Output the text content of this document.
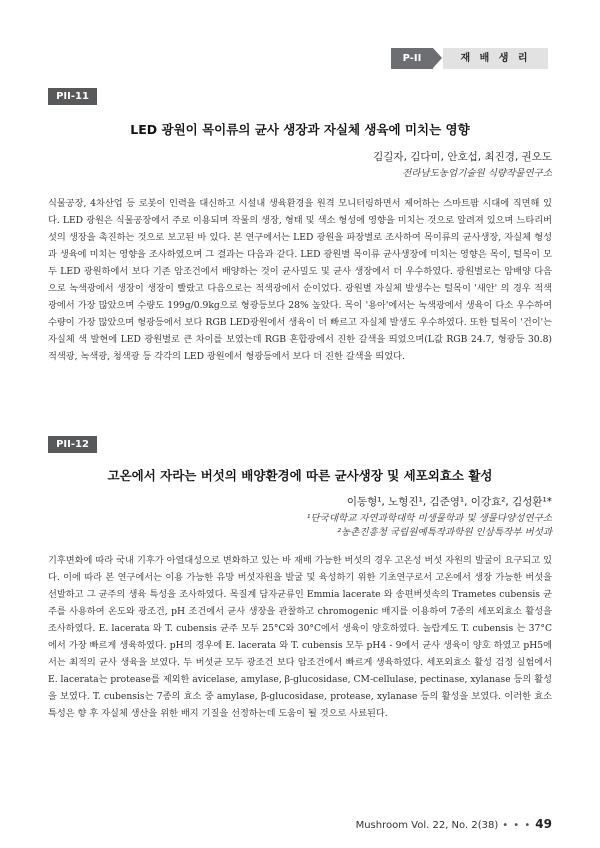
P-II	재 배 생 리
PII-11
LED 광원이 목이류의 균사 생장과 자실체 생육에 미치는 영향
김길자, 김다미, 안호섭, 최진경, 권오도
전라남도농업기술원 식량작물연구소

식물공장, 4차산업 등 로봇이 인력을 대신하고 시설내 생육환경을 원격 모니터링하면서 제어하는 스마트팜 시대에 직면해 있다. LED 광원은 식물공장에서 주로 이용되며 작물의 생장, 형태 및 색소 형성에 영향을 미치는 것으로 알려져 있으며 느타리버섯의 생장을 촉진하는 것으로 보고된 바 있다. 본 연구에서는 LED 광원을 파장별로 조사하여 목이류의 균사생장, 자실체 형성과 생육에 미치는 영향을 조사하였으며 그 결과는 다음과 같다. LED 광원별 목이류 균사생장에 미치는 영향은 목이, 털목이 모두 LED 광원하에서 보다 기존 암조건에서 배양하는 것이 균사밀도 및 균사 생장에서 더 우수하였다. 광원별로는 암배양 다음으로 녹색광에서 생장이 생장이 빨랐고 다음으로는 적색광에서 순이었다. 광원별 자실체 발생수는 털목이 '새안' 의 경우 적색광에서 가장 많았으며 수량도 199g/0.9kg으로 형광등보다 28% 높았다. 목이 '용아'에서는 녹색광에서 생육이 다소 우수하여 수량이 가장 많았으며 형광등에서 보다 RGB LED광원에서 생육이 더 빠르고 자실체 발생도 우수하였다. 또한 털목이 '건이'는 자실체 색 발현에 LED 광원별로 큰 차이를 보였는데 RGB 혼합광에서 진한 갈색을 띄었으며(L값 RGB 24.7, 형광등 30.8) 적색광, 녹색광, 청색광 등 각각의 LED 광원에서 형광등에서 보다 더 진한 갈색을 띄었다.

PII-12
고온에서 자라는 버섯의 배양환경에 따른 균사생장 및 세포외효소 활성
이동형¹, 노형진¹, 김준영¹, 이강효², 김성환¹*
¹단국대학교 자연과학대학 미생물학과 및 생물다양성연구소
²농촌진흥청 국립원예특작과학원 인삼특작부 버섯과

기후변화에 따라 국내 기후가 아열대성으로 변화하고 있는 바 재배 가능한 버섯의 경우 고온성 버섯 자원의 발굴이 요구되고 있다. 이에 따라 본 연구에서는 이용 가능한 유망 버섯자원을 발굴 및 육성하기 위한 기초연구로서 고온에서 생장 가능한 버섯을 선발하고 그 균주의 생육 특성을 조사하였다. 목질계 담자균류인 Emmia lacerate 와 송편버섯속의 Trametes cubensis 균주를 사용하여 온도와 광조건, pH 조건에서 균사 생장을 관찰하고 chromogenic 배지를 이용하여 7종의 세포외효소 활성을 조사하였다. E. lacerata 와 T. cubensis 균주 모두 25°C와 30°C에서 생육이 양호하였다. 놀랍게도 T. cubensis 는 37°C 에서 가장 빠르게 생육하였다. pH의 경우에 E. lacerata 와 T. cubensis 모두 pH4 - 9에서 균사 생육이 양호 하였고 pH5에서는 최적의 균사 생육을 보였다. 두 버섯균 모두 광조건 보다 암조건에서 빠르게 생육하였다. 세포외효소 활성 검정 실험에서 E. lacerata는 protease를 제외한 avicelase, amylase, β-glucosidase, CM-cellulase, pectinase, xylanase 등의 활성을 보였다. T. cubensis는 7종의 효소 중 amylase, β-glucosidase, protease, xylanase 등의 활성을 보였다. 이러한 효소 특성은 향 후 자실체 생산을 위한 배지 기질을 선정하는데 도움이 될 것으로 사료된다.

Mushroom Vol. 22, No. 2(38) • • • 49
